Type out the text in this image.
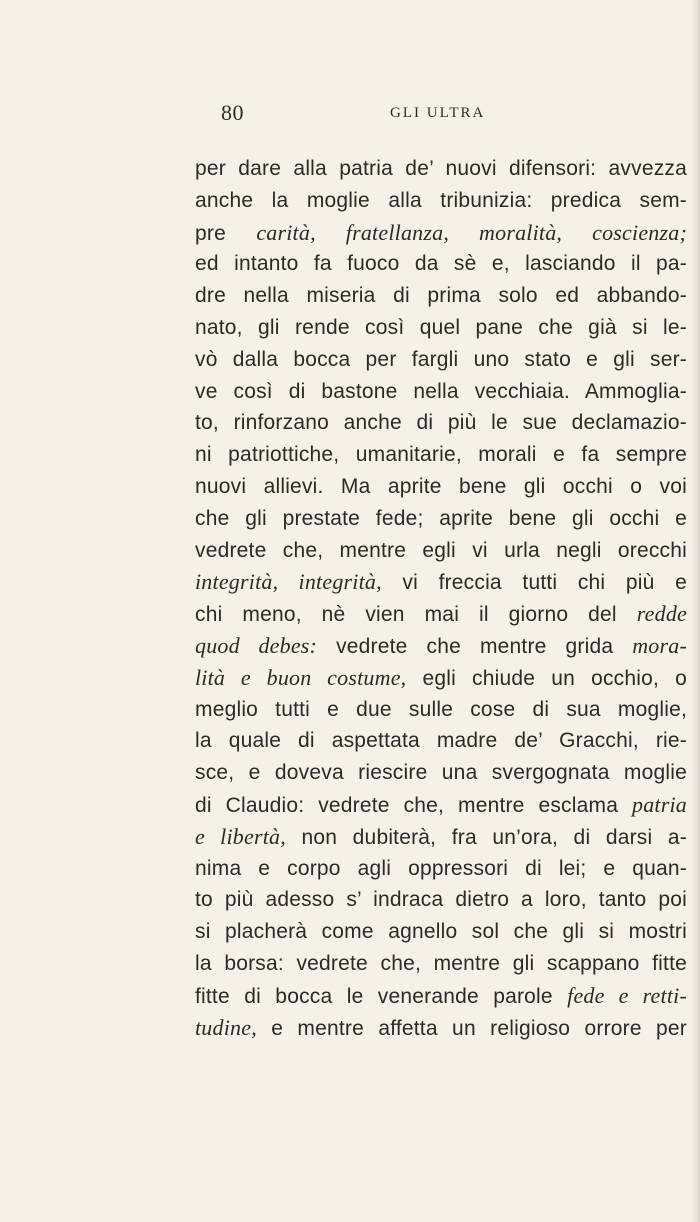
80	GLI ULTRA
per dare alla patria de’ nuovi difensori: avvezza
anche la moglie alla tribunizia: predica sem-
pre carità, fratellanza, moralità, coscienza;
ed intanto fa fuoco da sè e, lasciando il pa-
dre nella miseria di prima solo ed abbando-
nato, gli rende così quel pane che già si le-
vò dalla bocca per fargli uno stato e gli ser-
ve così di bastone nella vecchiaia. Ammoglia-
to, rinforzano anche di più le sue declamazio-
ni patriottiche, umanitarie, morali e fa sempre
nuovi allievi. Ma aprite bene gli occhi o voi
che gli prestate fede; aprite bene gli occhi e
vedrete che, mentre egli vi urla negli orecchi
integrità, integrità, vi freccia tutti chi più e
chi meno, nè vien mai il giorno del redde
quod debes: vedrete che mentre grida mora-
lità e buon costume, egli chiude un occhio, o
meglio tutti e due sulle cose di sua moglie,
la quale di aspettata madre de’ Gracchi, rie-
sce, e doveva riescire una svergognata moglie
di Claudio: vedrete che, mentre esclama patria
e libertà, non dubiterà, fra un’ora, di darsi a-
nima e corpo agli oppressori di lei; e quan-
to più adesso s’ indraca dietro a loro, tanto poi
si placherà come agnello sol che gli si mostri
la borsa: vedrete che, mentre gli scappano fitte
fitte di bocca le venerande parole fede e retti-
tudine, e mentre affetta un religioso orrore per
